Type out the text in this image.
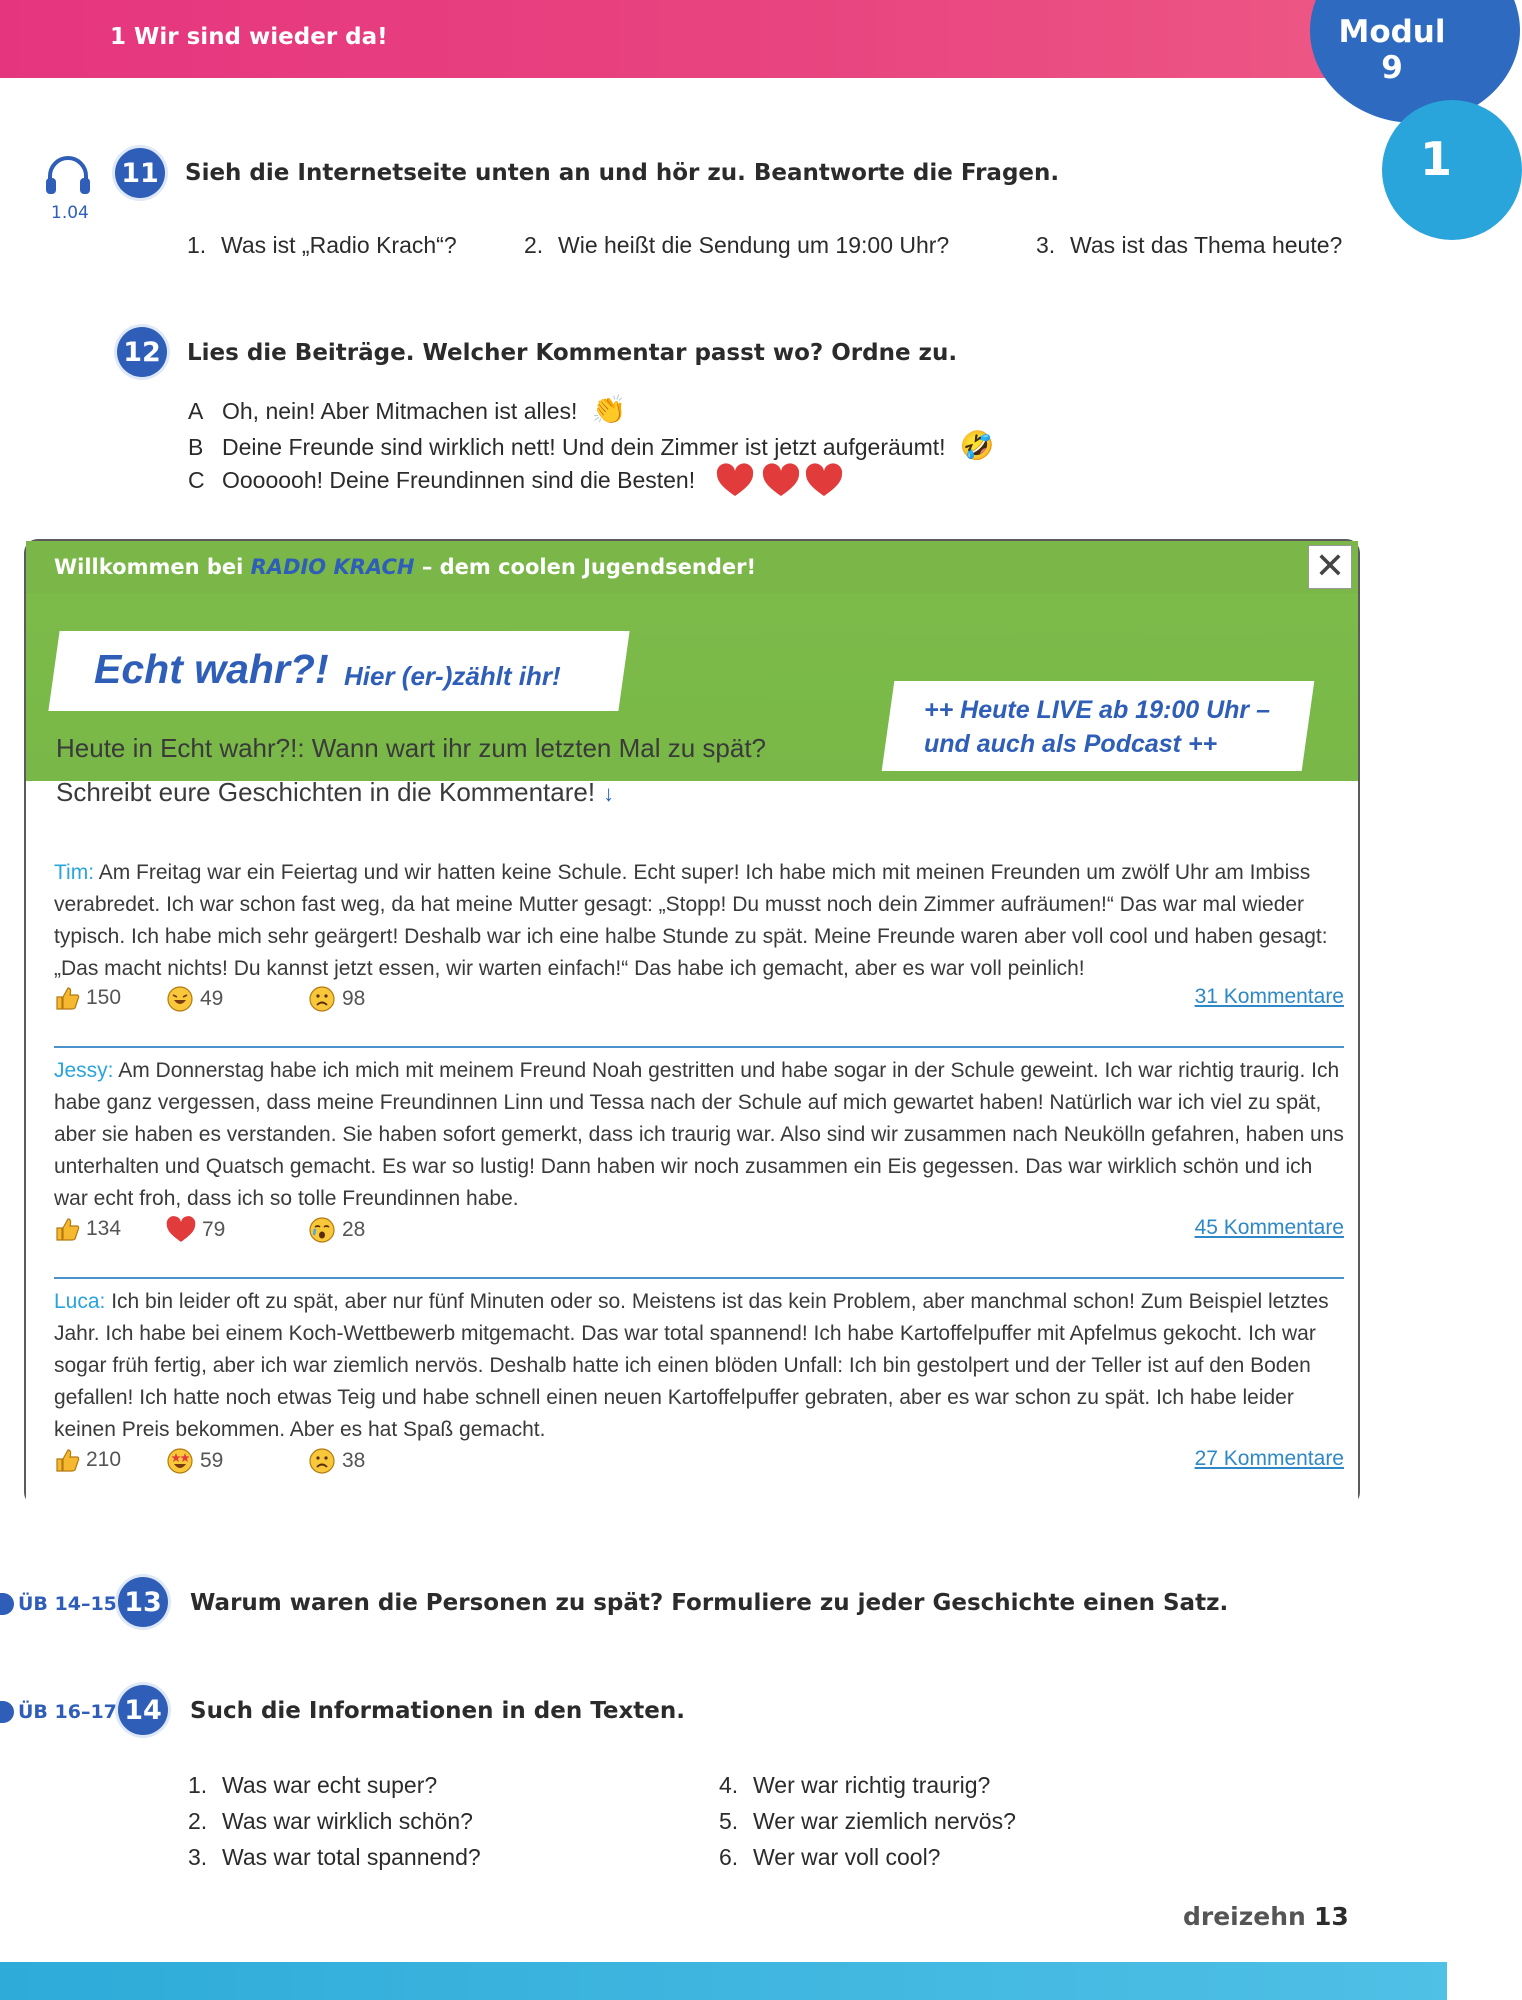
1 Wir sind wieder da!	Modul
9
1
1.04
11 Sieh die Internetseite unten an und hör zu. Beantworte die Fragen.
1. Was ist „Radio Krach“?	2. Wie heißt die Sendung um 19:00 Uhr?	3. Was ist das Thema heute?
12 Lies die Beiträge. Welcher Kommentar passt wo? Ordne zu.
A Oh, nein! Aber Mitmachen ist alles! 👏
B Deine Freunde sind wirklich nett! Und dein Zimmer ist jetzt aufgeräumt! 🤣
C Ooooooh! Deine Freundinnen sind die Besten!
Willkommen bei RADIO KRACH – dem coolen Jugendsender!	✕
Echt wahr?! Hier (er-)zählt ihr!
Heute in Echt wahr?!: Wann wart ihr zum letzten Mal zu spät?
Schreibt eure Geschichten in die Kommentare! ↓
++ Heute LIVE ab 19:00 Uhr –
und auch als Podcast ++
Tim: Am Freitag war ein Feiertag und wir hatten keine Schule. Echt super! Ich habe mich mit meinen Freunden um zwölf Uhr am Imbiss verabredet. Ich war schon fast weg, da hat meine Mutter gesagt: „Stopp! Du musst noch dein Zimmer aufräumen!“ Das war mal wieder typisch. Ich habe mich sehr geärgert! Deshalb war ich eine halbe Stunde zu spät. Meine Freunde waren aber voll cool und haben gesagt: „Das macht nichts! Du kannst jetzt essen, wir warten einfach!“ Das habe ich gemacht, aber es war voll peinlich!
150	49	98	31 Kommentare
Jessy: Am Donnerstag habe ich mich mit meinem Freund Noah gestritten und habe sogar in der Schule geweint. Ich war richtig traurig. Ich habe ganz vergessen, dass meine Freundinnen Linn und Tessa nach der Schule auf mich gewartet haben! Natürlich war ich viel zu spät, aber sie haben es verstanden. Sie haben sofort gemerkt, dass ich traurig war. Also sind wir zusammen nach Neukölln gefahren, haben uns unterhalten und Quatsch gemacht. Es war so lustig! Dann haben wir noch zusammen ein Eis gegessen. Das war wirklich schön und ich war echt froh, dass ich so tolle Freundinnen habe.
134	79	28	45 Kommentare
Luca: Ich bin leider oft zu spät, aber nur fünf Minuten oder so. Meistens ist das kein Problem, aber manchmal schon! Zum Beispiel letztes Jahr. Ich habe bei einem Koch-Wettbewerb mitgemacht. Das war total spannend! Ich habe Kartoffelpuffer mit Apfelmus gekocht. Ich war sogar früh fertig, aber ich war ziemlich nervös. Deshalb hatte ich einen blöden Unfall: Ich bin gestolpert und der Teller ist auf den Boden gefallen! Ich hatte noch etwas Teig und habe schnell einen neuen Kartoffelpuffer gebraten, aber es war schon zu spät. Ich habe leider keinen Preis bekommen. Aber es hat Spaß gemacht.
210	59	38	27 Kommentare
ÜB 14–15 13 Warum waren die Personen zu spät? Formuliere zu jeder Geschichte einen Satz.
ÜB 16–17 14 Such die Informationen in den Texten.
1. Was war echt super?
2. Was war wirklich schön?
3. Was war total spannend?
4. Wer war richtig traurig?
5. Wer war ziemlich nervös?
6. Wer war voll cool?
dreizehn 13
